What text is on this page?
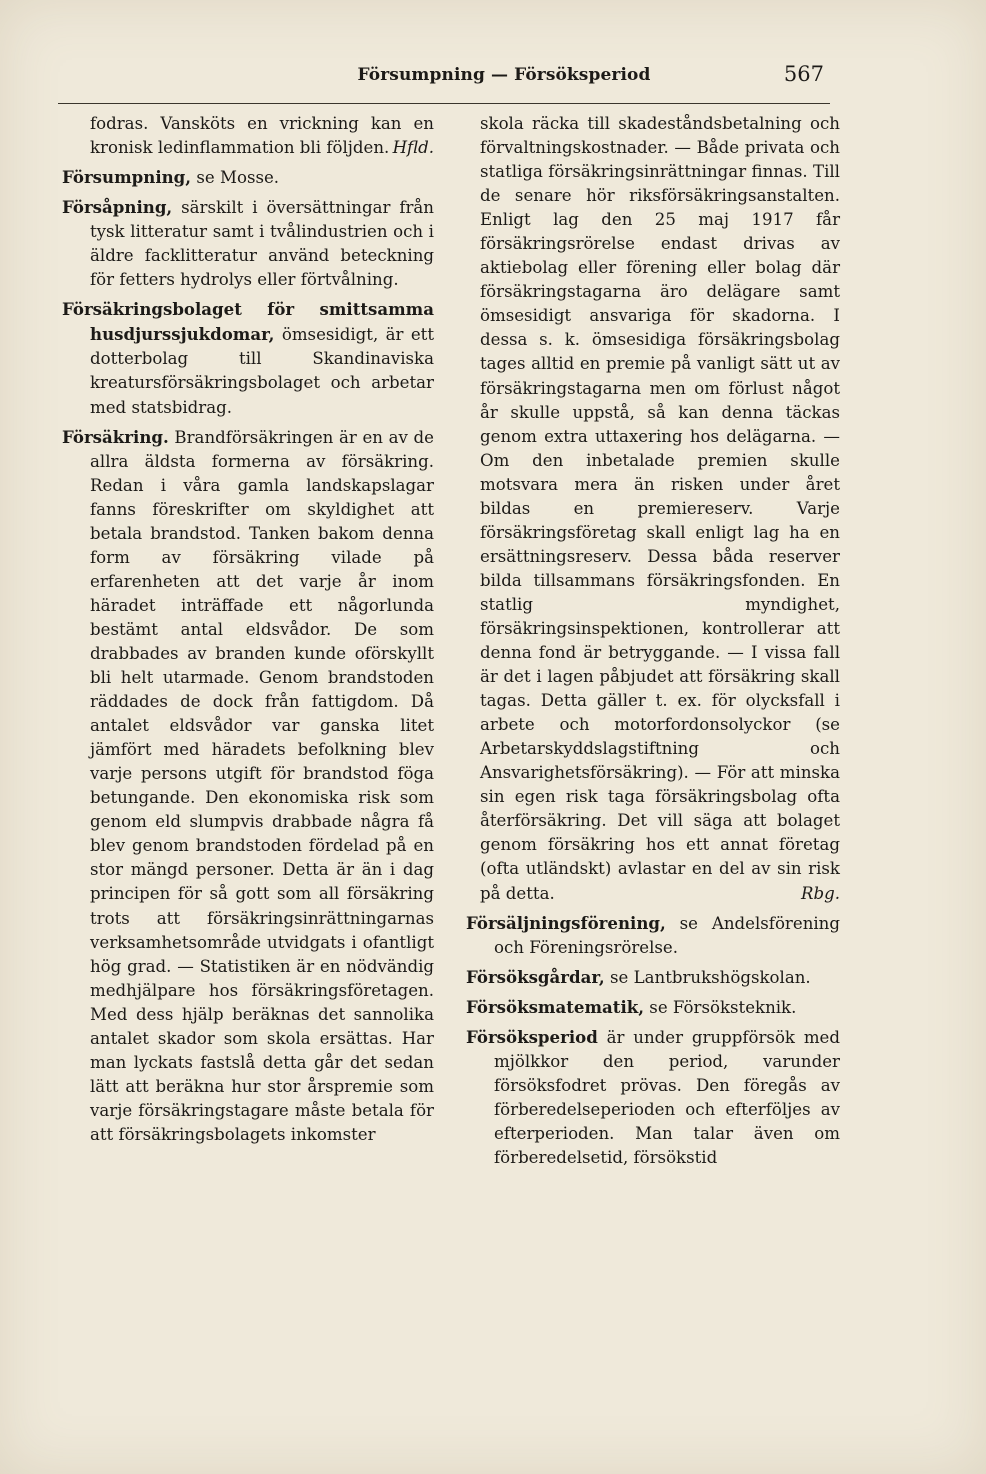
Försumpning — Försöksperiod	567

fodras. Vansköts en vrickning kan en kronisk ledinflammation bli följden. Hfld.

Försumpning, se Mosse.

Försåpning, särskilt i översättningar från tysk litteratur samt i tvålindustrien och i äldre facklitteratur använd beteckning för fetters hydrolys eller förtvålning.

Försäkringsbolaget för smittsamma husdjurssjukdomar, ömsesidigt, är ett dotterbolag till Skandinaviska kreatursförsäkringsbolaget och arbetar med statsbidrag.

Försäkring. Brandförsäkringen är en av de allra äldsta formerna av försäkring. Redan i våra gamla landskapslagar fanns föreskrifter om skyldighet att betala brandstod. Tanken bakom denna form av försäkring vilade på erfarenheten att det varje år inom häradet inträffade ett någorlunda bestämt antal eldsvådor. De som drabbades av branden kunde oförskyllt bli helt utarmade. Genom brandstoden räddades de dock från fattigdom. Då antalet eldsvådor var ganska litet jämfört med häradets befolkning blev varje persons utgift för brandstod föga betungande. Den ekonomiska risk som genom eld slumpvis drabbade några få blev genom brandstoden fördelad på en stor mängd personer. Detta är än i dag principen för så gott som all försäkring trots att försäkringsinrättningarnas verksamhetsområde utvidgats i ofantligt hög grad. — Statistiken är en nödvändig medhjälpare hos försäkringsföretagen. Med dess hjälp beräknas det sannolika antalet skador som skola ersättas. Har man lyckats fastslå detta går det sedan lätt att beräkna hur stor årspremie som varje försäkringstagare måste betala för att försäkringsbolagets inkomster

skola räcka till skadeståndsbetalning och förvaltningskostnader. — Både privata och statliga försäkringsinrättningar finnas. Till de senare hör riksförsäkringsanstalten. Enligt lag den 25 maj 1917 får försäkringsrörelse endast drivas av aktiebolag eller förening eller bolag där försäkringstagarna äro delägare samt ömsesidigt ansvariga för skadorna. I dessa s. k. ömsesidiga försäkringsbolag tages alltid en premie på vanligt sätt ut av försäkringstagarna men om förlust något år skulle uppstå, så kan denna täckas genom extra uttaxering hos delägarna. — Om den inbetalade premien skulle motsvara mera än risken under året bildas en premiereserv. Varje försäkringsföretag skall enligt lag ha en ersättningsreserv. Dessa båda reserver bilda tillsammans försäkringsfonden. En statlig myndighet, försäkringsinspektionen, kontrollerar att denna fond är betryggande. — I vissa fall är det i lagen påbjudet att försäkring skall tagas. Detta gäller t. ex. för olycksfall i arbete och motorfordonsolyckor (se Arbetarskyddslagstiftning och Ansvarighetsförsäkring). — För att minska sin egen risk taga försäkringsbolag ofta återförsäkring. Det vill säga att bolaget genom försäkring hos ett annat företag (ofta utländskt) avlastar en del av sin risk på detta.	Rbg.

Försäljningsförening, se Andelsförening och Föreningsrörelse.

Försöksgårdar, se Lantbrukshögskolan.

Försöksmatematik, se Försöksteknik.

Försöksperiod är under gruppförsök med mjölkkor den period, varunder försöksfodret prövas. Den föregås av förberedelseperioden och efterföljes av efterperioden. Man talar även om förberedelsetid, försökstid
